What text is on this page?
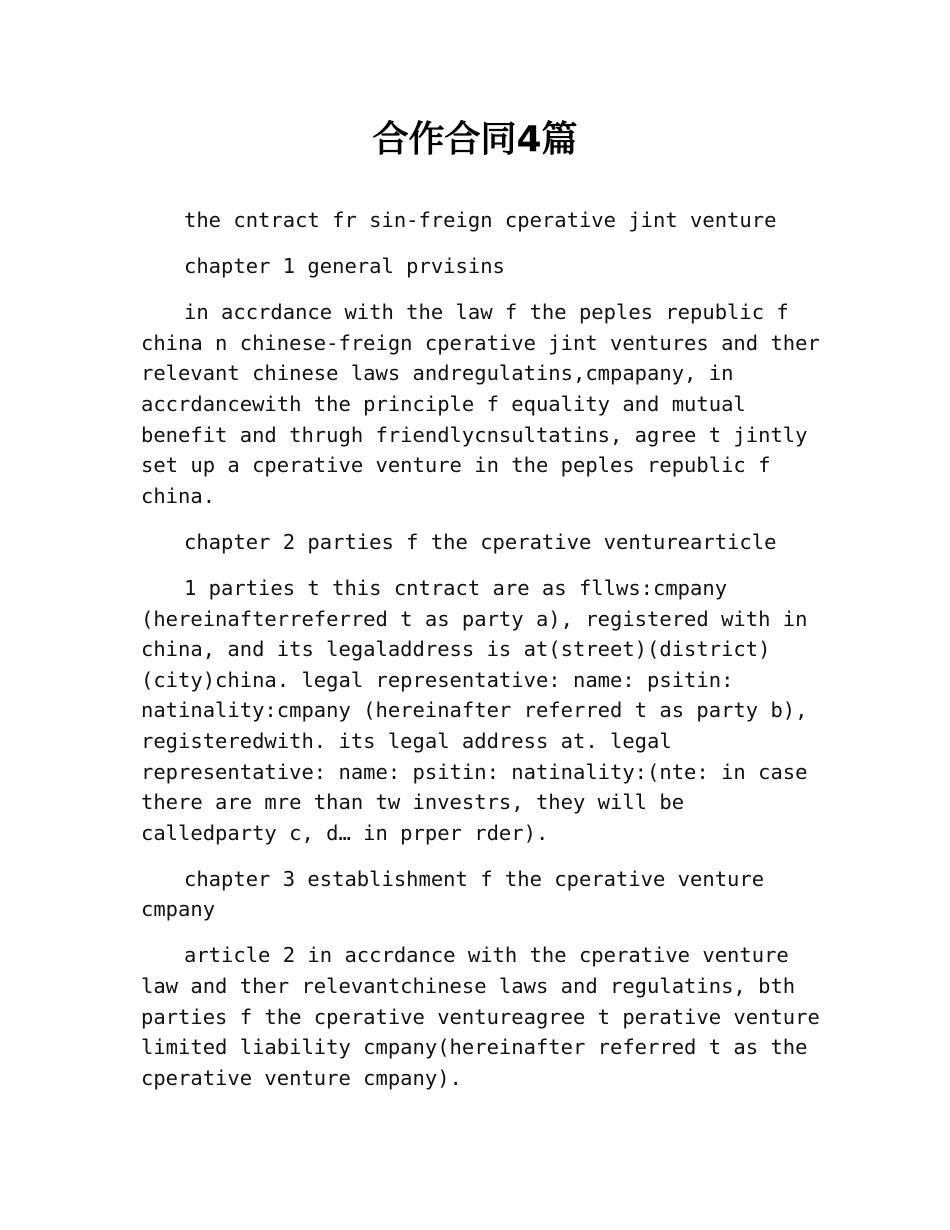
合作合同4篇

the cntract fr sin-freign cperative jint venture

chapter 1 general prvisins

in accrdance with the law f the peples republic f china n chinese-freign cperative jint ventures and ther relevant chinese laws andregulatins,cmpapany, in accrdancewith the principle f equality and mutual benefit and thrugh friendlycnsultatins, agree t jintly set up a cperative venture in the peples republic f china.

chapter 2 parties f the cperative venturearticle

1 parties t this cntract are as fllws:cmpany (hereinafterreferred t as party a), registered with in china, and its legaladdress is at(street)(district)(city)china. legal representative: name: psitin: natinality:cmpany (hereinafter referred t as party b), registeredwith. its legal address at. legal representative: name: psitin: natinality:(nte: in case there are mre than tw investrs, they will be calledparty c, d… in prper rder).

chapter 3 establishment f the cperative venture cmpany

article 2 in accrdance with the cperative venture law and ther relevantchinese laws and regulatins, bth parties f the cperative ventureagree t perative venture limited liability cmpany(hereinafter referred t as the cperative venture cmpany).
